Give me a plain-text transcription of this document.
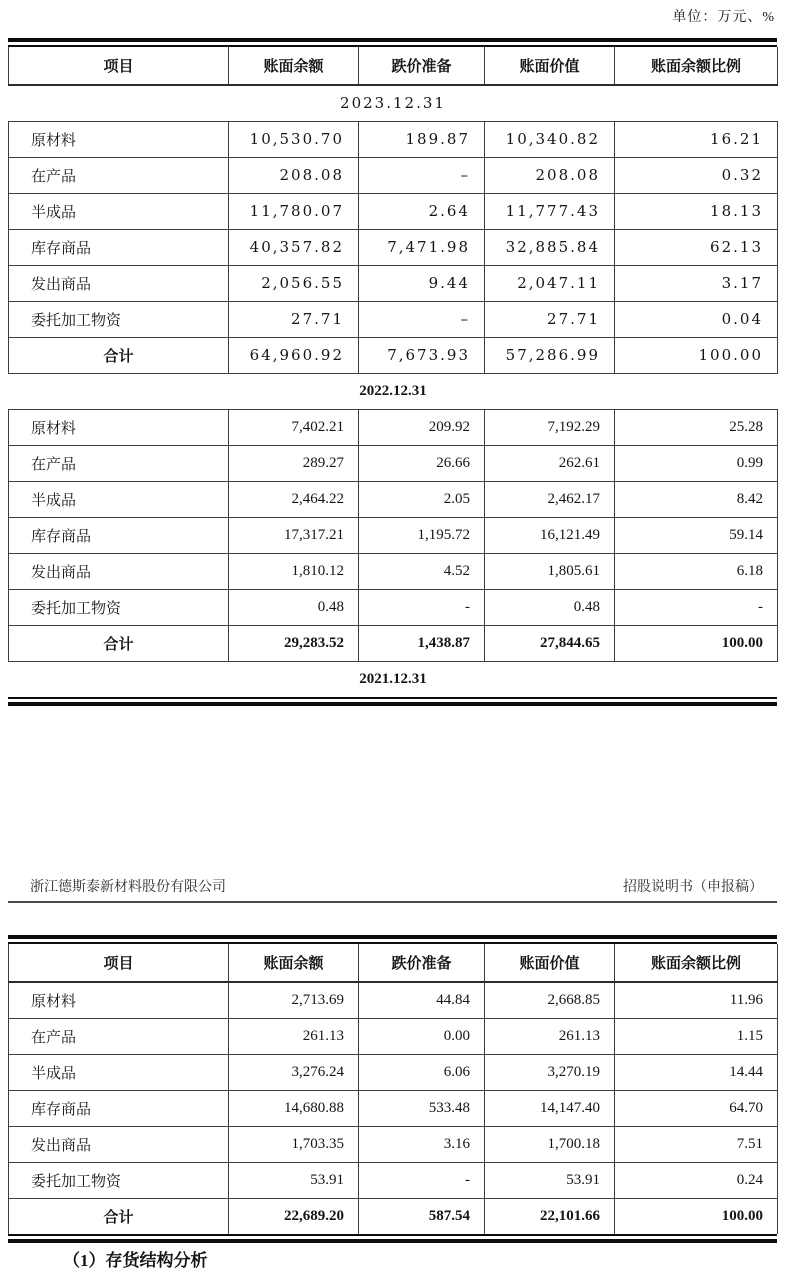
单位：万元、%
项目	账面余额	跌价准备	账面价值	账面余额比例
2023.12.31				
原材料	10,530.70	189.87	10,340.82	16.21
在产品	208.08	–	208.08	0.32
半成品	11,780.07	2.64	11,777.43	18.13
库存商品	40,357.82	7,471.98	32,885.84	62.13
发出商品	2,056.55	9.44	2,047.11	3.17
委托加工物资	27.71	–	27.71	0.04
合计	64,960.92	7,673.93	57,286.99	100.00
2022.12.31				
原材料	7,402.21	209.92	7,192.29	25.28
在产品	289.27	26.66	262.61	0.99
半成品	2,464.22	2.05	2,462.17	8.42
库存商品	17,317.21	1,195.72	16,121.49	59.14
发出商品	1,810.12	4.52	1,805.61	6.18
委托加工物资	0.48	-	0.48	-
合计	29,283.52	1,438.87	27,844.65	100.00
2021.12.31				
浙江德斯泰新材料股份有限公司	招股说明书（申报稿）
项目	账面余额	跌价准备	账面价值	账面余额比例
原材料	2,713.69	44.84	2,668.85	11.96
在产品	261.13	0.00	261.13	1.15
半成品	3,276.24	6.06	3,270.19	14.44
库存商品	14,680.88	533.48	14,147.40	64.70
发出商品	1,703.35	3.16	1,700.18	7.51
委托加工物资	53.91	-	53.91	0.24
合计	22,689.20	587.54	22,101.66	100.00
（1）存货结构分析
